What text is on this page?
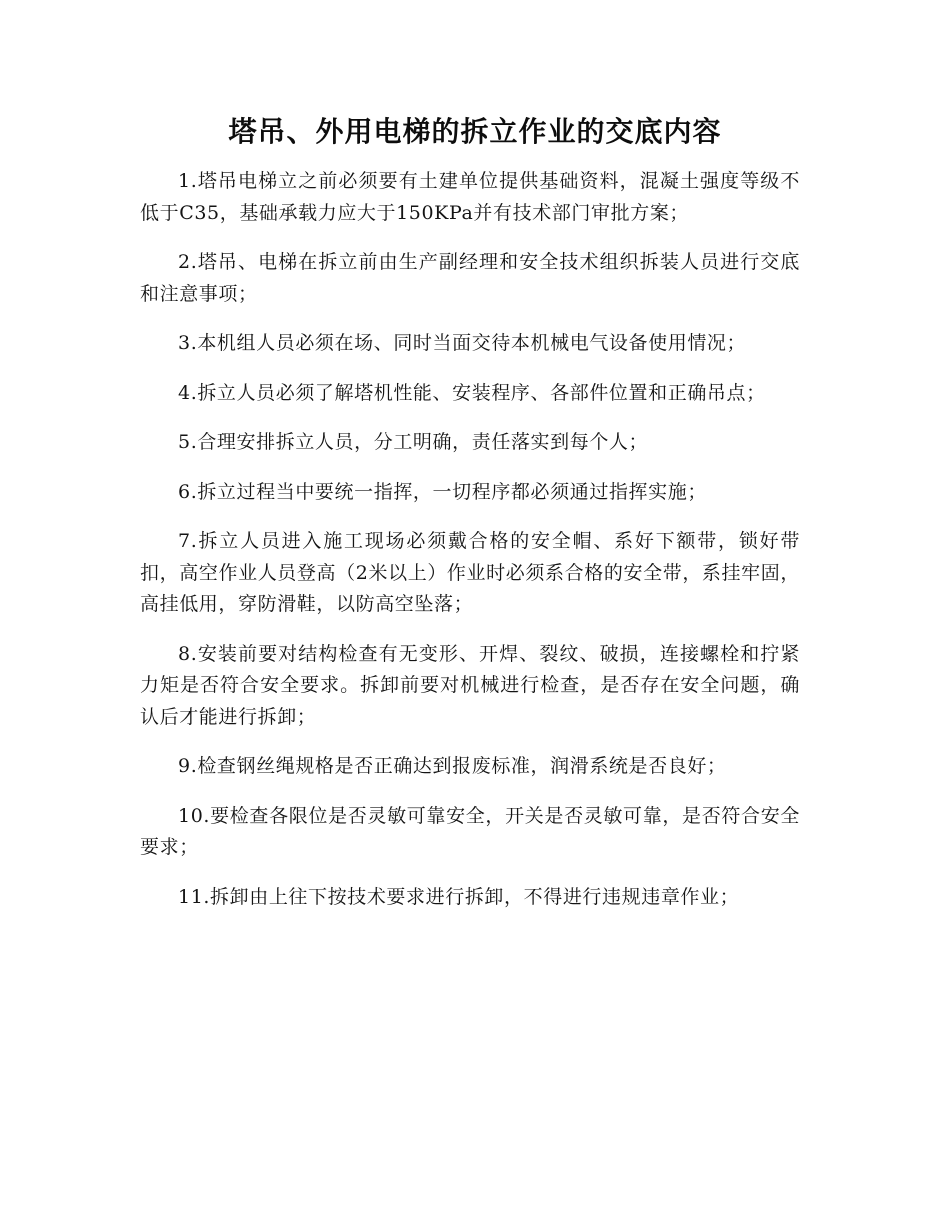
塔吊、外用电梯的拆立作业的交底内容

1.塔吊电梯立之前必须要有土建单位提供基础资料，混凝土强度等级不低于C35，基础承载力应大于150KPa并有技术部门审批方案；

2.塔吊、电梯在拆立前由生产副经理和安全技术组织拆装人员进行交底和注意事项；

3.本机组人员必须在场、同时当面交待本机械电气设备使用情况；

4.拆立人员必须了解塔机性能、安装程序、各部件位置和正确吊点；

5.合理安排拆立人员，分工明确，责任落实到每个人；

6.拆立过程当中要统一指挥，一切程序都必须通过指挥实施；

7.拆立人员进入施工现场必须戴合格的安全帽、系好下额带，锁好带扣，高空作业人员登高（2米以上）作业时必须系合格的安全带，系挂牢固，高挂低用，穿防滑鞋，以防高空坠落；

8.安装前要对结构检查有无变形、开焊、裂纹、破损，连接螺栓和拧紧力矩是否符合安全要求。拆卸前要对机械进行检查，是否存在安全问题，确认后才能进行拆卸；

9.检查钢丝绳规格是否正确达到报废标准，润滑系统是否良好；

10.要检查各限位是否灵敏可靠安全，开关是否灵敏可靠，是否符合安全要求；

11.拆卸由上往下按技术要求进行拆卸，不得进行违规违章作业；
